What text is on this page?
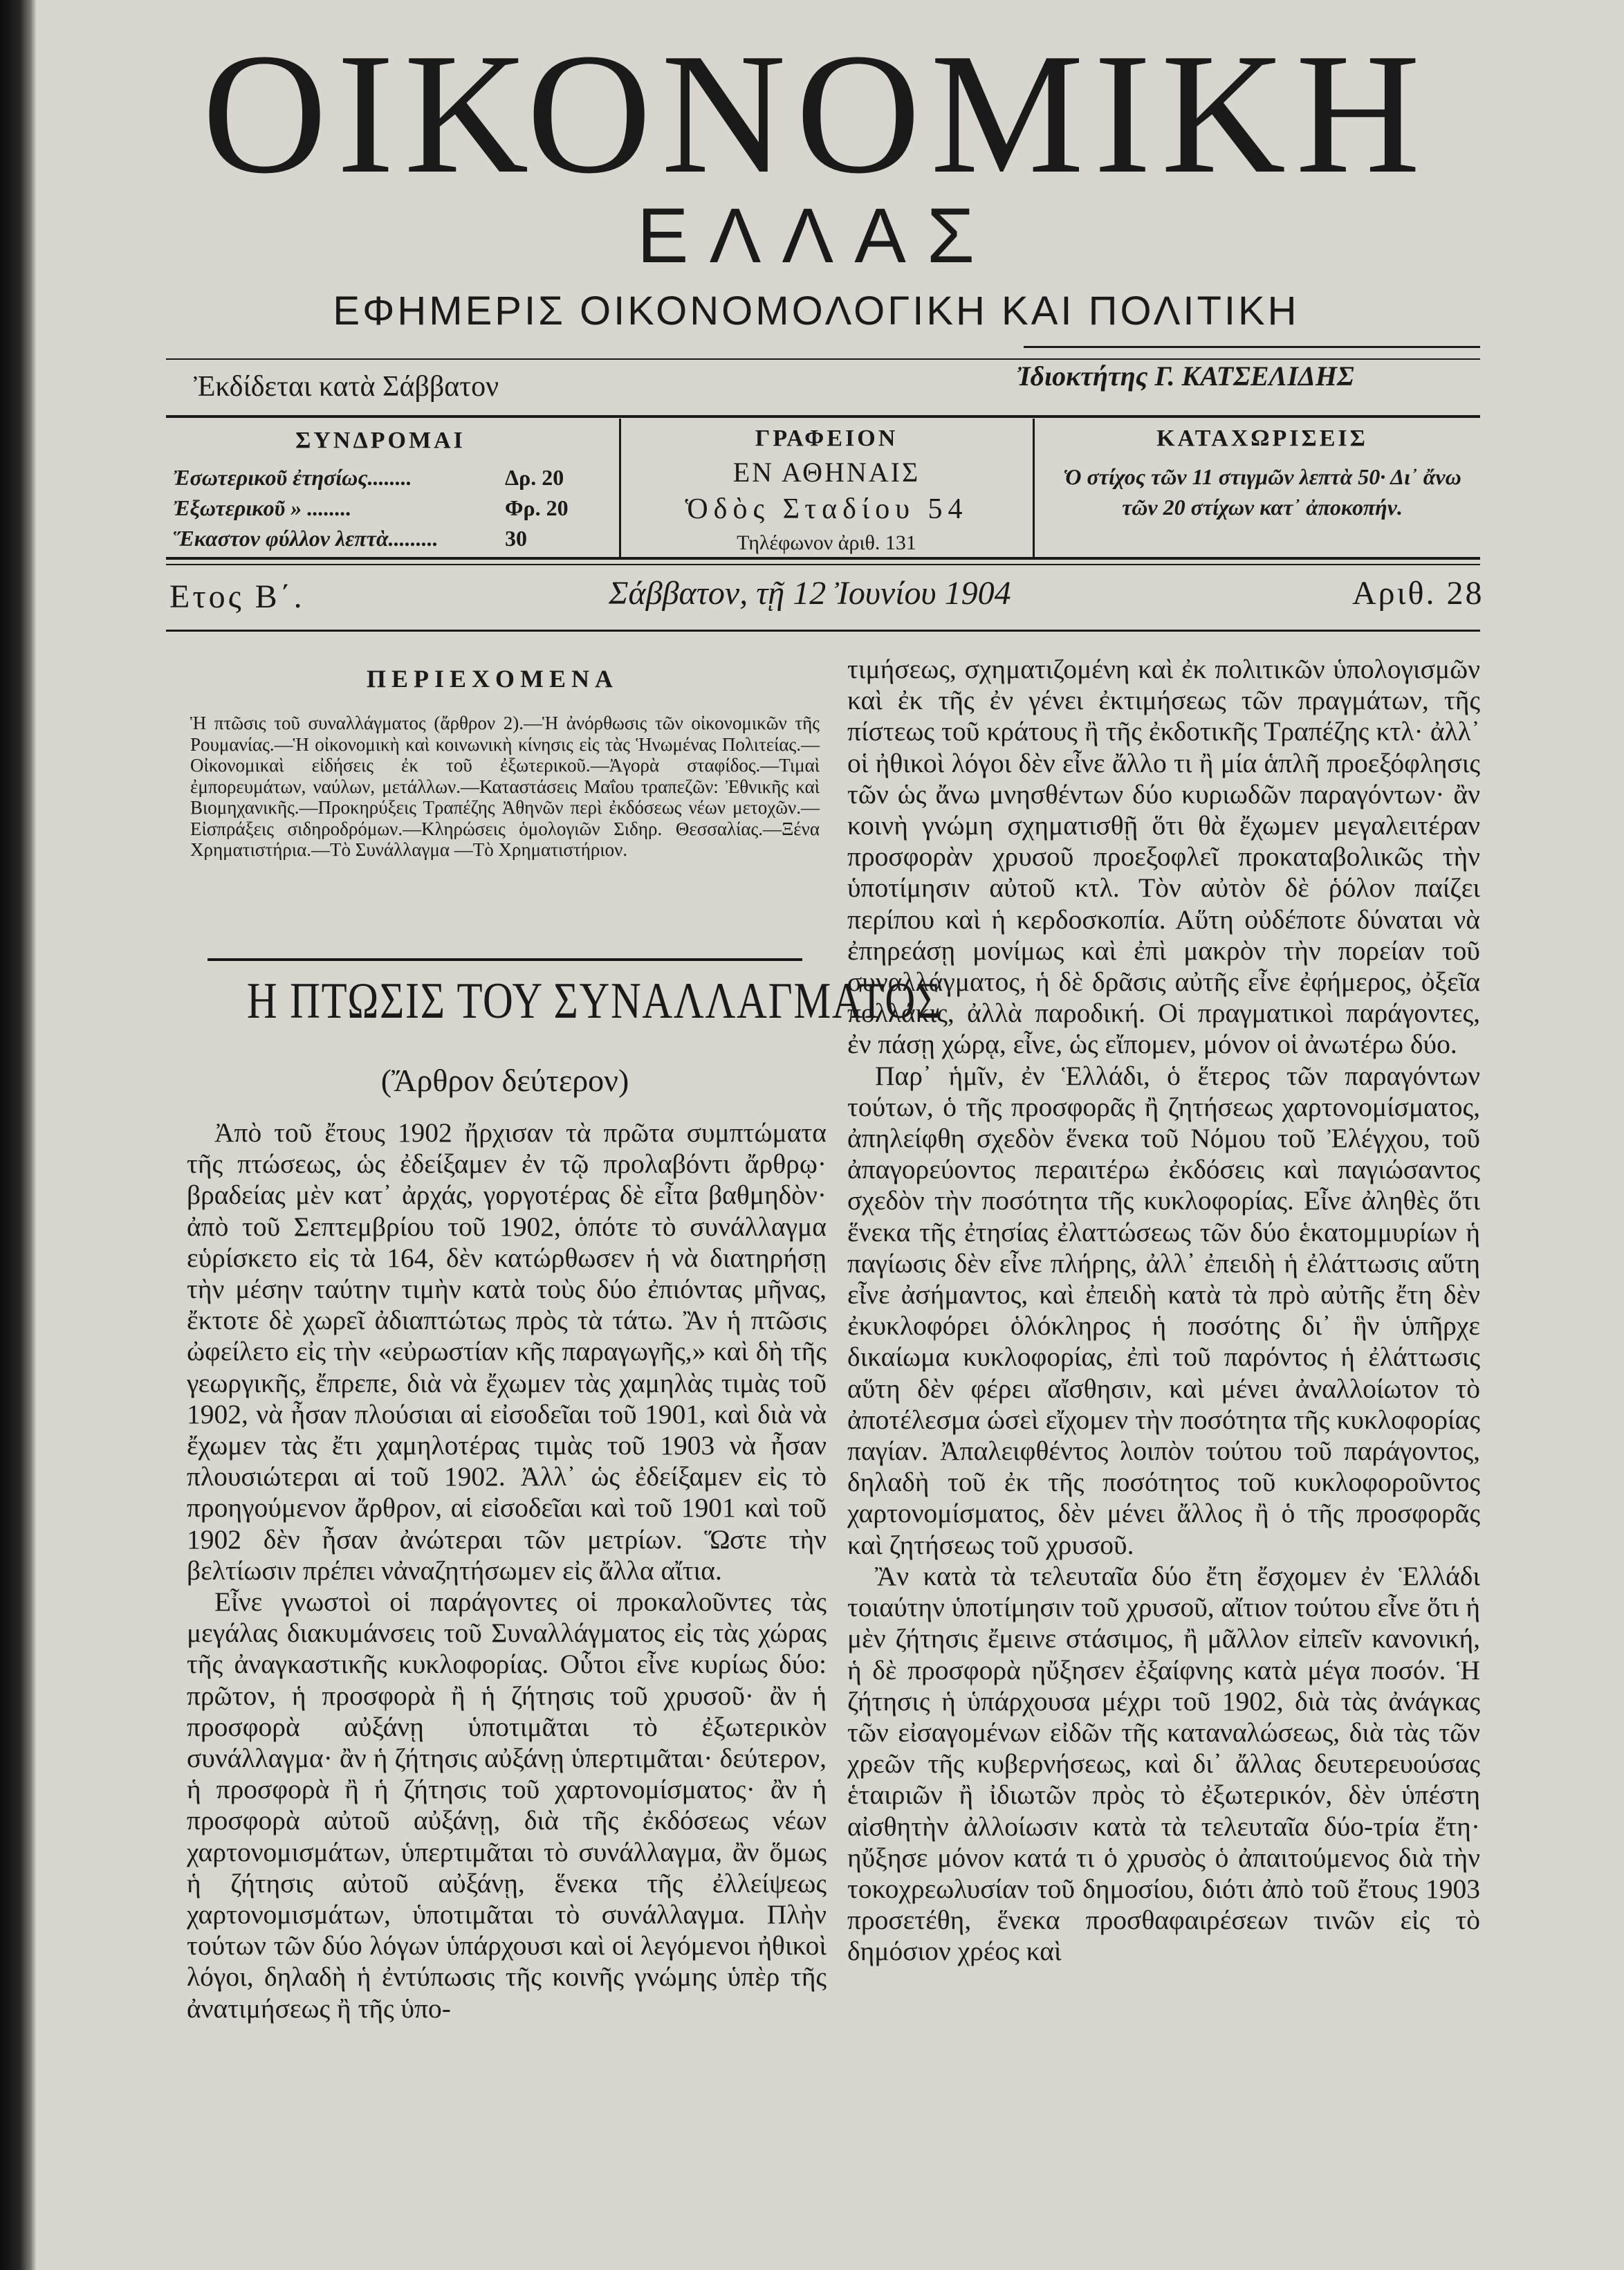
ΟΙΚΟΝΟΜΙΚΗ
ΕΛΛΑΣ
ΕΦΗΜΕΡΙΣ ΟΙΚΟΝΟΜΟΛΟΓΙΚΗ ΚΑΙ ΠΟΛΙΤΙΚΗ
Ἐκδίδεται κατὰ Σάββατον	Ἰδιοκτήτης Γ. ΚΑΤΣΕΛΙΔΗΣ
ΣΥΝΔΡΟΜΑΙ
Ἐσωτερικοῦ ἐτησίως........	Δρ. 20
Ἐξωτερικοῦ » ........	Φρ. 20
Ἕκαστον φύλλον λεπτὰ.........	30
ΓΡΑΦΕΙΟΝ
ΕΝ ΑΘΗΝΑΙΣ
Ὁδὸς Σταδίου 54
Τηλέφωνον ἀριθ. 131
ΚΑΤΑΧΩΡΙΣΕΙΣ
Ὁ στίχος τῶν 11 στιγμῶν λεπτὰ 50· Δι᾽ ἄνω τῶν 20 στίχων κατ᾽ ἀποκοπήν.
Ετος Β΄.	Σάββατον, τῇ 12 Ἰουνίου 1904	Αριθ. 28
ΠΕΡΙΕΧΟΜΕΝΑ
Ἡ πτῶσις τοῦ συναλλάγματος (ἄρθρον 2).—Ἡ ἀνόρθωσις τῶν οἰκονομικῶν τῆς Ρουμανίας.—Ἡ οἰκονομικὴ καὶ κοινωνικὴ κίνησις εἰς τὰς Ἡνωμένας Πολιτείας.—Οἰκονομικαὶ εἰδήσεις ἐκ τοῦ ἐξωτερικοῦ.—Ἀγορὰ σταφίδος.—Τιμαὶ ἐμπορευμάτων, ναύλων, μετάλλων.—Καταστάσεις Μαΐου τραπεζῶν: Ἐθνικῆς καὶ Βιομηχανικῆς.—Προκηρύξεις Τραπέζης Ἀθηνῶν περὶ ἐκδόσεως νέων μετοχῶν.— Εἰσπράξεις σιδηροδρόμων.—Κληρώσεις ὁμολογιῶν Σιδηρ. Θεσσαλίας.—Ξένα Χρηματιστήρια.—Τὸ Συνάλλαγμα —Τὸ Χρηματιστήριον.
Η ΠΤΩΣΙΣ ΤΟΥ ΣΥΝΑΛΛΑΓΜΑΤΟΣ
(Ἄρθρον δεύτερον)

Ἀπὸ τοῦ ἔτους 1902 ἤρχισαν τὰ πρῶτα συμπτώματα τῆς πτώσεως, ὡς ἐδείξαμεν ἐν τῷ προλαβόντι ἄρθρῳ· βραδείας μὲν κατ᾽ ἀρχάς, γοργοτέρας δὲ εἶτα βαθμηδὸν· ἀπὸ τοῦ Σεπτεμβρίου τοῦ 1902, ὁπότε τὸ συνάλλαγμα εὑρίσκετο εἰς τὰ 164, δὲν κατώρθωσεν ἡ νὰ διατηρήσῃ τὴν μέσην ταύτην τιμὴν κατὰ τοὺς δύο ἐπιόντας μῆνας, ἔκτοτε δὲ χωρεῖ ἀδιαπτώτως πρὸς τὰ τάτω. Ἂν ἡ πτῶσις ὠφείλετο εἰς τὴν «εὐρωστίαν κῆς παραγωγῆς,» καὶ δὴ τῆς γεωργικῆς, ἔπρεπε, διὰ νὰ ἔχωμεν τὰς χαμηλὰς τιμὰς τοῦ 1902, νὰ ἦσαν πλούσιαι αἱ εἰσοδεῖαι τοῦ 1901, καὶ διὰ νὰ ἔχωμεν τὰς ἔτι χαμηλοτέρας τιμὰς τοῦ 1903 νὰ ἦσαν πλουσιώτεραι αἱ τοῦ 1902. Ἀλλ᾽ ὡς ἐδείξαμεν εἰς τὸ προηγούμενον ἄρθρον, αἱ εἰσοδεῖαι καὶ τοῦ 1901 καὶ τοῦ 1902 δὲν ἦσαν ἀνώτεραι τῶν μετρίων. Ὥστε τὴν βελτίωσιν πρέπει νἀναζητήσωμεν εἰς ἄλλα αἴτια.

Εἶνε γνωστοὶ οἱ παράγοντες οἱ προκαλοῦντες τὰς μεγάλας διακυμάνσεις τοῦ Συναλλάγματος εἰς τὰς χώρας τῆς ἀναγκαστικῆς κυκλοφορίας. Οὗτοι εἶνε κυρίως δύο: πρῶτον, ἡ προσφορὰ ἢ ἡ ζήτησις τοῦ χρυσοῦ· ἂν ἡ προσφορὰ αὐξάνῃ ὑποτιμᾶται τὸ ἐξωτερικὸν συνάλλαγμα· ἂν ἡ ζήτησις αὐξάνῃ ὑπερτιμᾶται· δεύτερον, ἡ προσφορὰ ἢ ἡ ζήτησις τοῦ χαρτονομίσματος· ἂν ἡ προσφορὰ αὐτοῦ αὐξάνῃ, διὰ τῆς ἐκδόσεως νέων χαρτονομισμάτων, ὑπερτιμᾶται τὸ συνάλλαγμα, ἂν ὅμως ἡ ζήτησις αὐτοῦ αὐξάνῃ, ἕνεκα τῆς ἐλλείψεως χαρτονομισμάτων, ὑποτιμᾶται τὸ συνάλλαγμα. Πλὴν τούτων τῶν δύο λόγων ὑπάρχουσι καὶ οἱ λεγόμενοι ἠθικοὶ λόγοι, δηλαδὴ ἡ ἐντύπωσις τῆς κοινῆς γνώμης ὑπὲρ τῆς ἀνατιμήσεως ἢ τῆς ὑπο-

τιμήσεως, σχηματιζομένη καὶ ἐκ πολιτικῶν ὑπολογισμῶν καὶ ἐκ τῆς ἐν γένει ἐκτιμήσεως τῶν πραγμάτων, τῆς πίστεως τοῦ κράτους ἢ τῆς ἐκδοτικῆς Τραπέζης κτλ· ἀλλ᾽ οἱ ἠθικοὶ λόγοι δὲν εἶνε ἄλλο τι ἢ μία ἁπλῆ προεξόφλησις τῶν ὡς ἄνω μνησθέντων δύο κυριωδῶν παραγόντων· ἂν κοινὴ γνώμη σχηματισθῇ ὅτι θὰ ἔχωμεν μεγαλειτέραν προσφορὰν χρυσοῦ προεξοφλεῖ προκαταβολικῶς τὴν ὑποτίμησιν αὐτοῦ κτλ. Τὸν αὐτὸν δὲ ῥόλον παίζει περίπου καὶ ἡ κερδοσκοπία. Αὕτη οὐδέποτε δύναται νὰ ἐπηρεάσῃ μονίμως καὶ ἐπὶ μακρὸν τὴν πορείαν τοῦ συναλλάγματος, ἡ δὲ δρᾶσις αὐτῆς εἶνε ἐφήμερος, ὀξεῖα πολλάκις, ἀλλὰ παροδική. Οἱ πραγματικοὶ παράγοντες, ἐν πάσῃ χώρᾳ, εἶνε, ὡς εἴπομεν, μόνον οἱ ἀνωτέρω δύο.

Παρ᾽ ἡμῖν, ἐν Ἑλλάδι, ὁ ἕτερος τῶν παραγόντων τούτων, ὁ τῆς προσφορᾶς ἢ ζητήσεως χαρτονομίσματος, ἀπηλείφθη σχεδὸν ἕνεκα τοῦ Νόμου τοῦ Ἐλέγχου, τοῦ ἀπαγορεύοντος περαιτέρω ἐκδόσεις καὶ παγιώσαντος σχεδὸν τὴν ποσότητα τῆς κυκλοφορίας. Εἶνε ἀληθὲς ὅτι ἕνεκα τῆς ἐτησίας ἐλαττώσεως τῶν δύο ἑκατομμυρίων ἡ παγίωσις δὲν εἶνε πλήρης, ἀλλ᾽ ἐπειδὴ ἡ ἐλάττωσις αὕτη εἶνε ἀσήμαντος, καὶ ἐπειδὴ κατὰ τὰ πρὸ αὐτῆς ἔτη δὲν ἐκυκλοφόρει ὁλόκληρος ἡ ποσότης δι᾽ ἣν ὑπῆρχε δικαίωμα κυκλοφορίας, ἐπὶ τοῦ παρόντος ἡ ἐλάττωσις αὕτη δὲν φέρει αἴσθησιν, καὶ μένει ἀναλλοίωτον τὸ ἀποτέλεσμα ὡσεὶ εἴχομεν τὴν ποσότητα τῆς κυκλοφορίας παγίαν. Ἀπαλειφθέντος λοιπὸν τούτου τοῦ παράγοντος, δηλαδὴ τοῦ ἐκ τῆς ποσότητος τοῦ κυκλοφοροῦντος χαρτονομίσματος, δὲν μένει ἄλλος ἢ ὁ τῆς προσφορᾶς καὶ ζητήσεως τοῦ χρυσοῦ.

Ἂν κατὰ τὰ τελευταῖα δύο ἔτη ἔσχομεν ἐν Ἑλλάδι τοιαύτην ὑποτίμησιν τοῦ χρυσοῦ, αἴτιον τούτου εἶνε ὅτι ἡ μὲν ζήτησις ἔμεινε στάσιμος, ἢ μᾶλλον εἰπεῖν κανονική, ἡ δὲ προσφορὰ ηὔξησεν ἐξαίφνης κατὰ μέγα ποσόν. Ἡ ζήτησις ἡ ὑπάρχουσα μέχρι τοῦ 1902, διὰ τὰς ἀνάγκας τῶν εἰσαγομένων εἰδῶν τῆς καταναλώσεως, διὰ τὰς τῶν χρεῶν τῆς κυβερνήσεως, καὶ δι᾽ ἄλλας δευτερευούσας ἑταιριῶν ἢ ἰδιωτῶν πρὸς τὸ ἐξωτερικόν, δὲν ὑπέστη αἰσθητὴν ἀλλοίωσιν κατὰ τὰ τελευταῖα δύο-τρία ἔτη· ηὔξησε μόνον κατά τι ὁ χρυσὸς ὁ ἀπαιτούμενος διὰ τὴν τοκοχρεωλυσίαν τοῦ δημοσίου, διότι ἀπὸ τοῦ ἔτους 1903 προσετέθη, ἕνεκα προσθαφαιρέσεων τινῶν εἰς τὸ δημόσιον χρέος καὶ
